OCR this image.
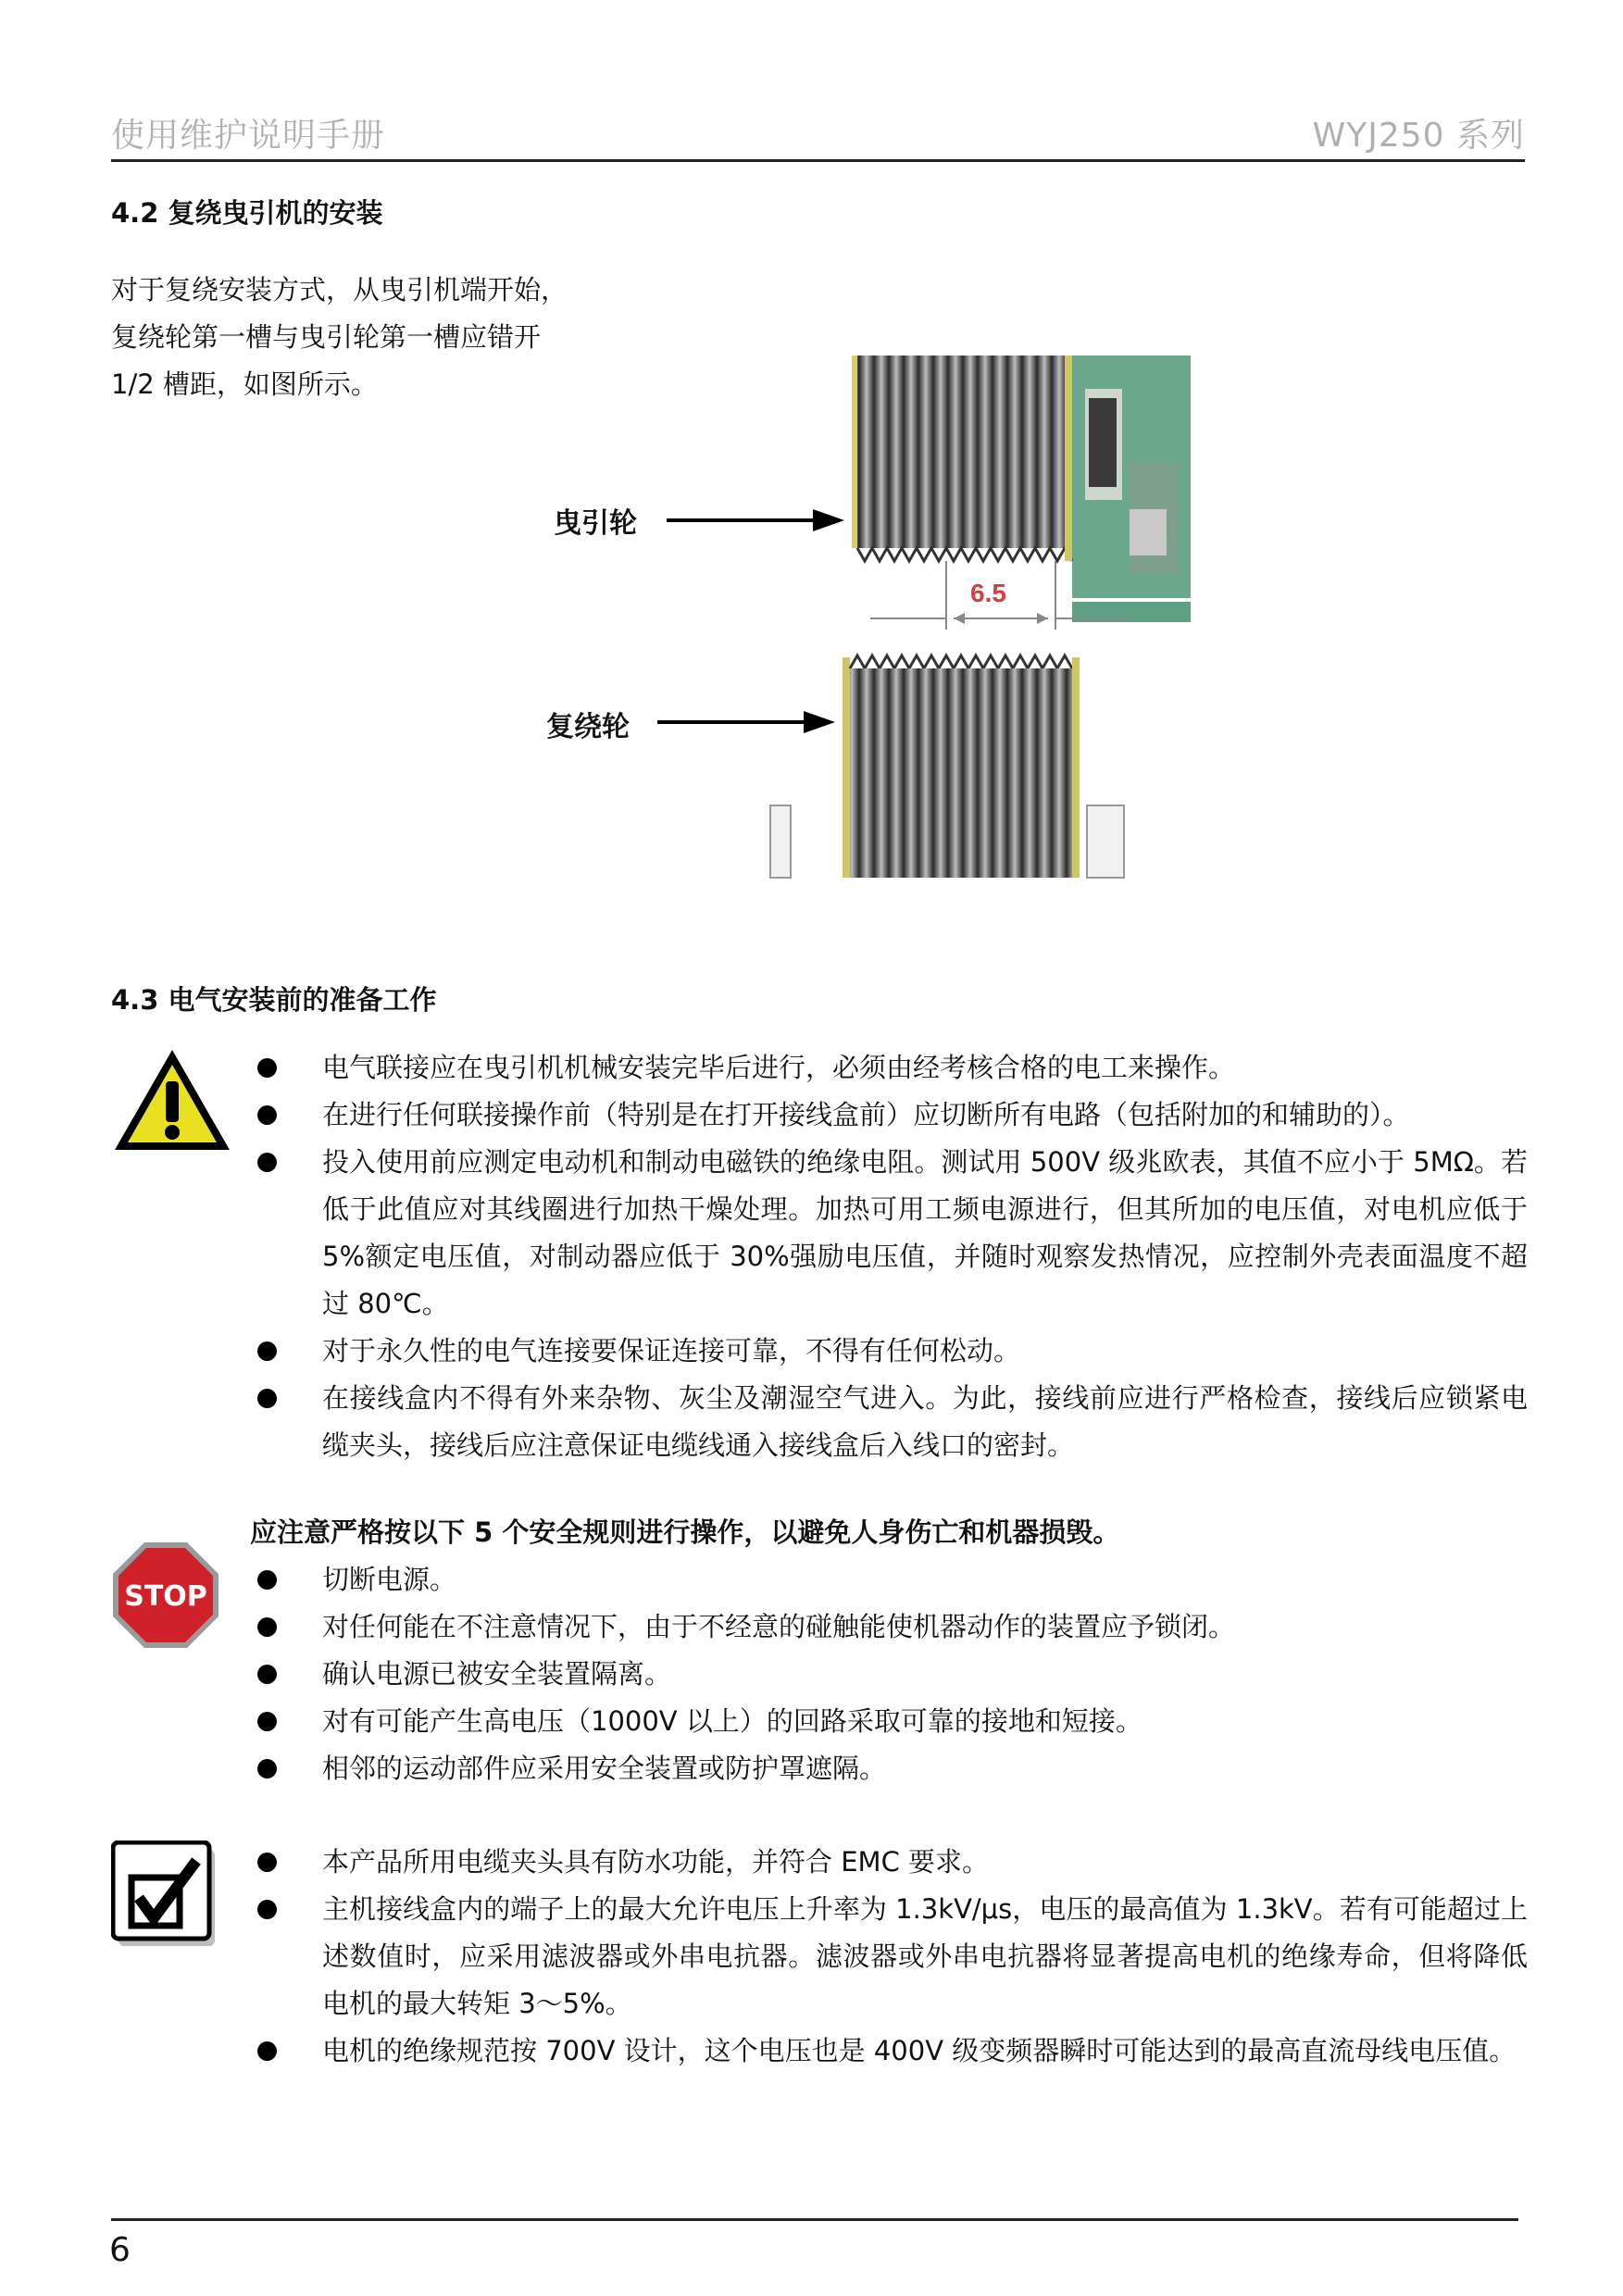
使用维护说明手册	WYJ250 系列
4.2 复绕曳引机的安装
对于复绕安装方式，从曳引机端开始，
复绕轮第一槽与曳引轮第一槽应错开
1/2 槽距，如图所示。
6.5
曳引轮
复绕轮
4.3 电气安装前的准备工作
电气联接应在曳引机机械安装完毕后进行，必须由经考核合格的电工来操作。
在进行任何联接操作前（特别是在打开接线盒前）应切断所有电路（包括附加的和辅助的）。
投入使用前应测定电动机和制动电磁铁的绝缘电阻。测试用 500V 级兆欧表，其值不应小于 5MΩ。若低于此值应对其线圈进行加热干燥处理。加热可用工频电源进行，但其所加的电压值，对电机应低于 5%额定电压值，对制动器应低于 30%强励电压值，并随时观察发热情况，应控制外壳表面温度不超过 80℃。
对于永久性的电气连接要保证连接可靠，不得有任何松动。
在接线盒内不得有外来杂物、灰尘及潮湿空气进入。为此，接线前应进行严格检查，接线后应锁紧电缆夹头，接线后应注意保证电缆线通入接线盒后入线口的密封。
STOP
应注意严格按以下 5 个安全规则进行操作，以避免人身伤亡和机器损毁。
切断电源。
对任何能在不注意情况下，由于不经意的碰触能使机器动作的装置应予锁闭。
确认电源已被安全装置隔离。
对有可能产生高电压（1000V 以上）的回路采取可靠的接地和短接。
相邻的运动部件应采用安全装置或防护罩遮隔。
本产品所用电缆夹头具有防水功能，并符合 EMC 要求。
主机接线盒内的端子上的最大允许电压上升率为 1.3kV/μs，电压的最高值为 1.3kV。若有可能超过上述数值时，应采用滤波器或外串电抗器。滤波器或外串电抗器将显著提高电机的绝缘寿命，但将降低电机的最大转矩 3～5%。
电机的绝缘规范按 700V 设计，这个电压也是 400V 级变频器瞬时可能达到的最高直流母线电压值。
6
